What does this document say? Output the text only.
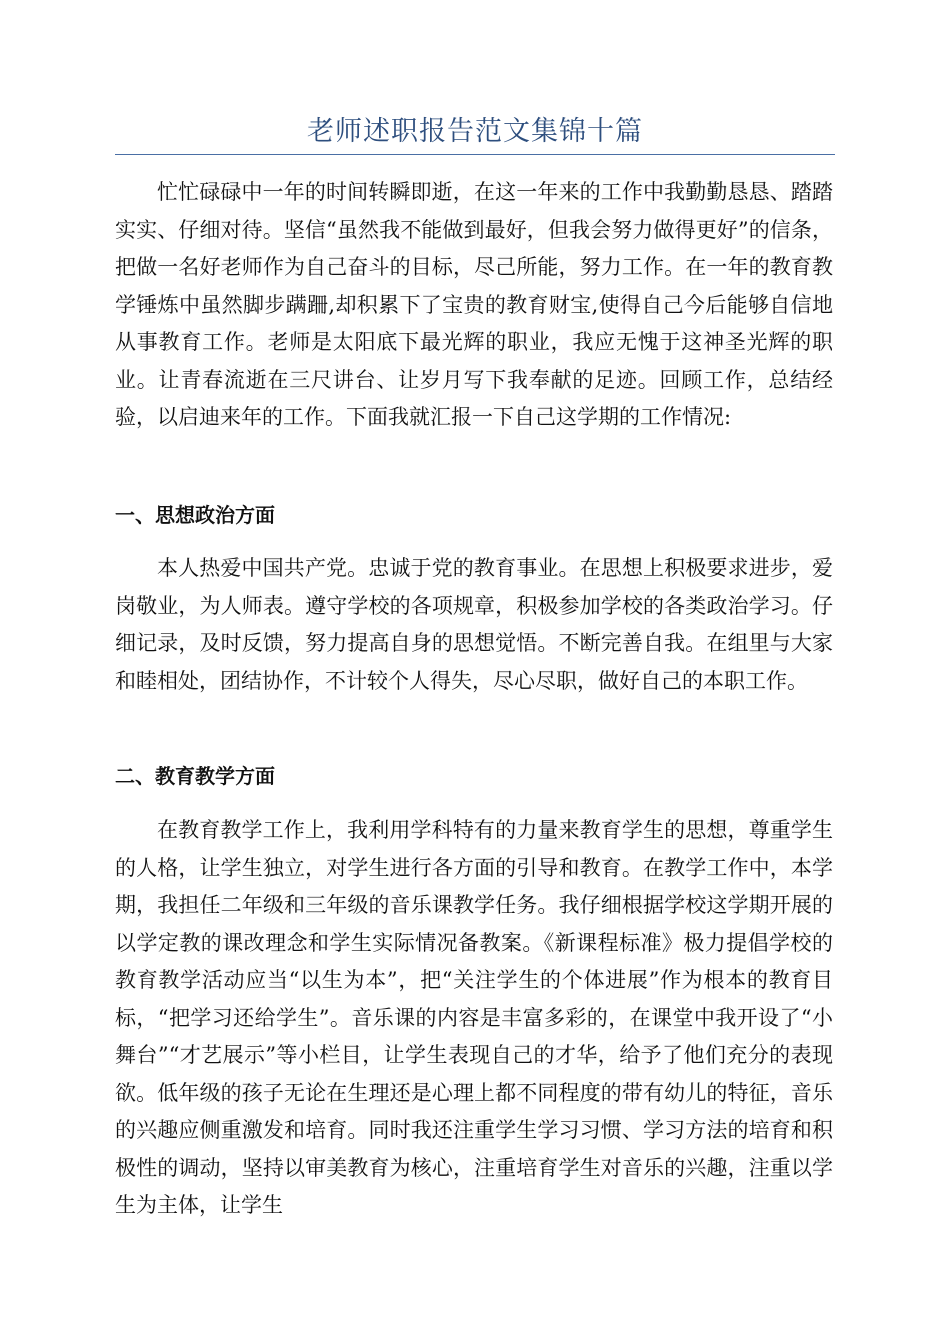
老师述职报告范文集锦十篇

忙忙碌碌中一年的时间转瞬即逝，在这一年来的工作中我勤勤恳恳、踏踏实实、仔细对待。坚信“虽然我不能做到最好，但我会努力做得更好”的信条，把做一名好老师作为自己奋斗的目标，尽己所能，努力工作。在一年的教育教学锤炼中虽然脚步蹒跚,却积累下了宝贵的教育财宝,使得自己今后能够自信地从事教育工作。老师是太阳底下最光辉的职业，我应无愧于这神圣光辉的职业。让青春流逝在三尺讲台、让岁月写下我奉献的足迹。回顾工作，总结经验，以启迪来年的工作。下面我就汇报一下自己这学期的工作情况:

一、思想政治方面

本人热爱中国共产党。忠诚于党的教育事业。在思想上积极要求进步，爱岗敬业，为人师表。遵守学校的各项规章，积极参加学校的各类政治学习。仔细记录，及时反馈，努力提高自身的思想觉悟。不断完善自我。在组里与大家和睦相处，团结协作，不计较个人得失，尽心尽职，做好自己的本职工作。

二、教育教学方面

在教育教学工作上，我利用学科特有的力量来教育学生的思想，尊重学生的人格，让学生独立，对学生进行各方面的引导和教育。在教学工作中，本学期，我担任二年级和三年级的音乐课教学任务。我仔细根据学校这学期开展的以学定教的课改理念和学生实际情况备教案。《新课程标准》极力提倡学校的教育教学活动应当“以生为本”，把“关注学生的个体进展”作为根本的教育目标，“把学习还给学生”。音乐课的内容是丰富多彩的，在课堂中我开设了“小舞台”“才艺展示”等小栏目，让学生表现自己的才华，给予了他们充分的表现欲。低年级的孩子无论在生理还是心理上都不同程度的带有幼儿的特征，音乐的兴趣应侧重激发和培育。同时我还注重学生学习习惯、学习方法的培育和积极性的调动，坚持以审美教育为核心，注重培育学生对音乐的兴趣，注重以学生为主体，让学生
